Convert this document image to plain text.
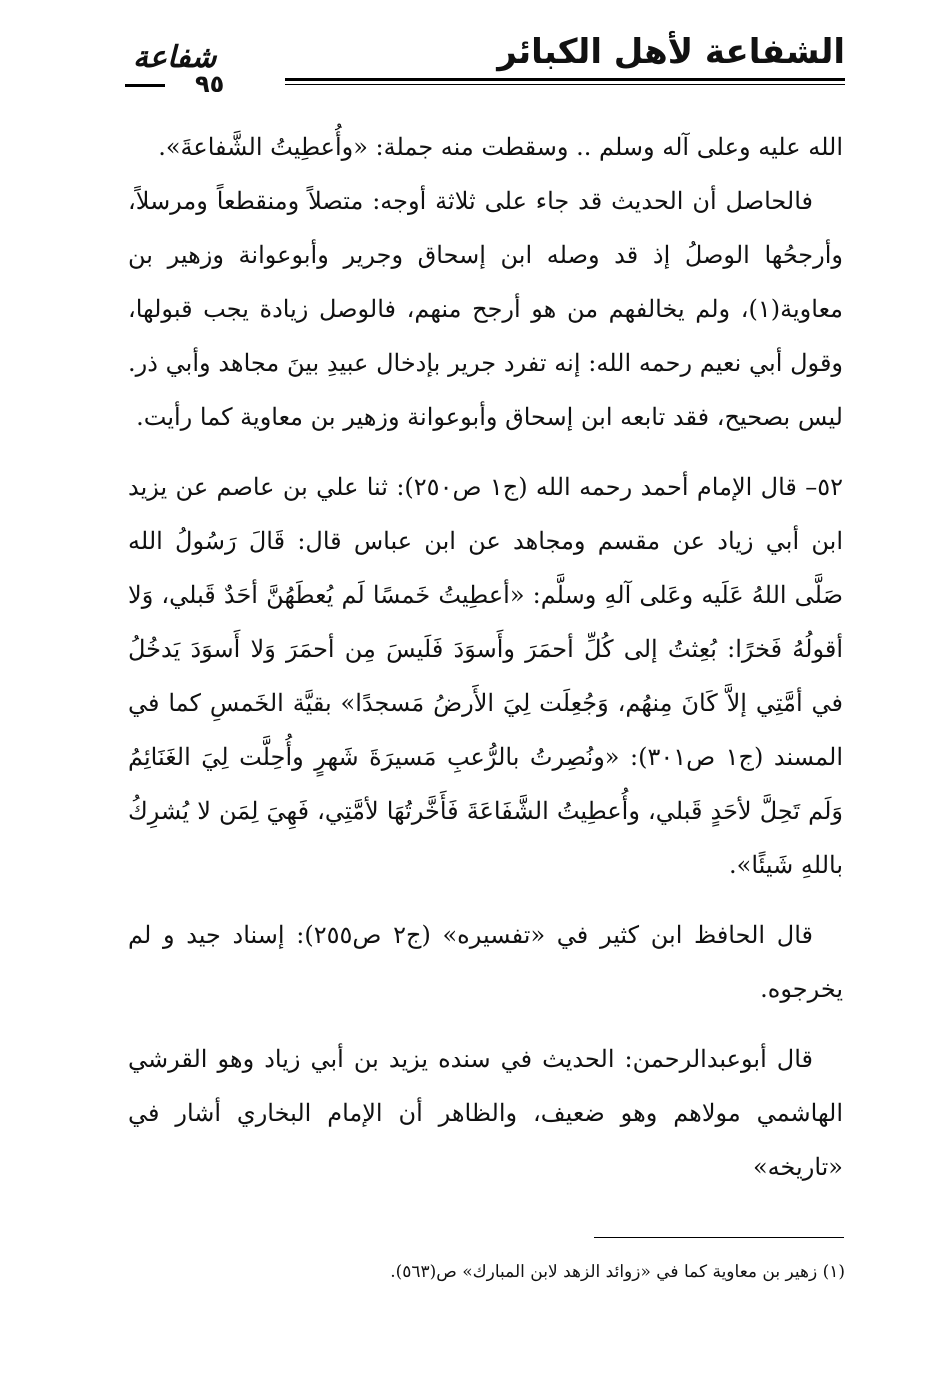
الشفاعة لأهل الكبائر
شفاعة
٩٥

الله عليه وعلى آله وسلم .. وسقطت منه جملة: «وأُعطِيتُ الشَّفاعةَ».

فالحاصل أن الحديث قد جاء على ثلاثة أوجه: متصلاً ومنقطعاً ومرسلاً، وأرجحُها الوصلُ إذ قد وصله ابن إسحاق وجرير وأبوعوانة وزهير بن معاوية(١)، ولم يخالفهم من هو أرجح منهم، فالوصل زيادة يجب قبولها، وقول أبي نعيم رحمه الله: إنه تفرد جرير بإدخال عبيدِ بينَ مجاهد وأبي ذر. ليس بصحيح، فقد تابعه ابن إسحاق وأبوعوانة وزهير بن معاوية كما رأيت.

٥٢– قال الإمام أحمد رحمه الله (ج١ ص٢٥٠): ثنا علي بن عاصم عن يزيد ابن أبي زياد عن مقسم ومجاهد عن ابن عباس قال: قَالَ رَسُولُ الله صَلَّى اللهُ عَلَيه وعَلى آلهِ وسلَّم: «أعطِيتُ خَمسًا لَم يُعطَهُنَّ أحَدٌ قَبلي، وَلا أقولُهُ فَخرًا: بُعِثتُ إلى كُلِّ أحمَرَ وأَسوَدَ فَلَيسَ مِن أحمَرَ وَلا أَسوَدَ يَدخُلُ في أمَّتِي إلاَّ كَانَ مِنهُم، وَجُعِلَت لِيَ الأَرضُ مَسجدًا» بقيَّة الخَمسِ كما في المسند (ج١ ص٣٠١): «ونُصِرتُ بالرُّعبِ مَسيرَةَ شَهرٍ وأُحِلَّت لِيَ الغَنَائِمُ وَلَم تَحِلَّ لأحَدٍ قَبلي، وأُعطِيتُ الشَّفَاعَةَ فَأَخَّرتُهَا لأمَّتِي، فَهِيَ لِمَن لا يُشرِكُ باللهِ شَيئًا».

قال الحافظ ابن كثير في «تفسيره» (ج٢ ص٢٥٥): إسناد جيد و لم يخرجوه.

قال أبوعبدالرحمن: الحديث في سنده يزيد بن أبي زياد وهو القرشي الهاشمي مولاهم وهو ضعيف، والظاهر أن الإمام البخاري أشار في «تاريخه»

(١) زهير بن معاوية كما في «زوائد الزهد لابن المبارك» ص(٥٦٣).
